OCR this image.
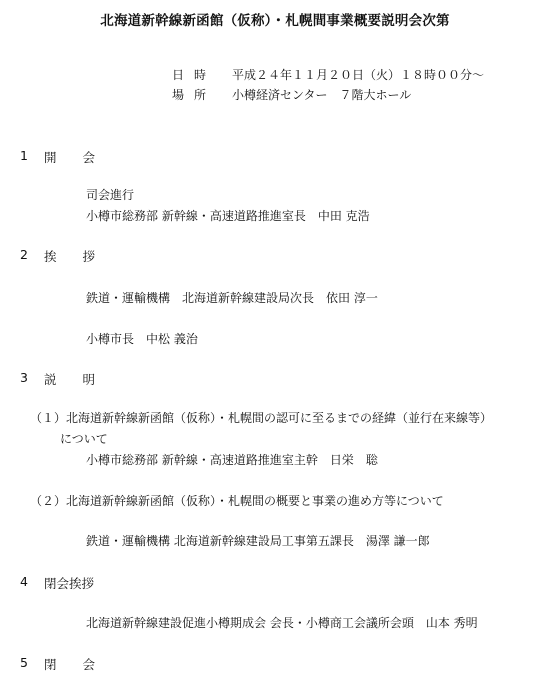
北海道新幹線新函館（仮称）・札幌間事業概要説明会次第
日時 平成２４年１１月２０日（火）１８時００分～
場所 小樽経済センター　７階大ホール
1 開会
司会進行
小樽市総務部 新幹線・高速道路推進室長　中田 克浩
2 挨拶
鉄道・運輸機構　北海道新幹線建設局次長　依田 淳一
小樽市長　中松 義治
3 説明
（１）北海道新幹線新函館（仮称）・札幌間の認可に至るまでの経緯（並行在来線等）
について
小樽市総務部 新幹線・高速道路推進室主幹　日栄　聡
（２）北海道新幹線新函館（仮称）・札幌間の概要と事業の進め方等について
鉄道・運輸機構 北海道新幹線建設局工事第五課長　湯澤 謙一郎
4 閉会挨拶
北海道新幹線建設促進小樽期成会 会長・小樽商工会議所会頭　山本 秀明
5 閉会
